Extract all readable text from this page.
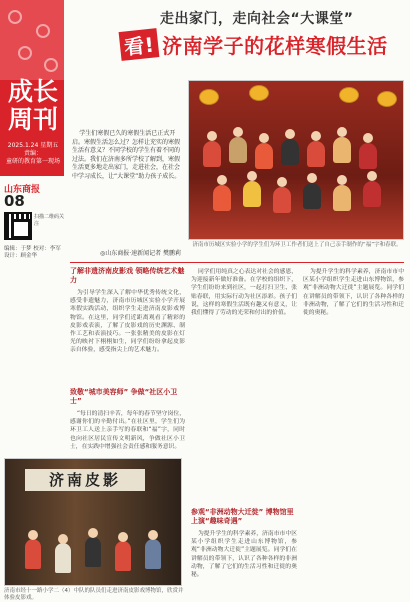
成长周刊
2025.1.24 星期五 责编：
童研的教育第一现场
山东商报
08
扫描二维码关注
编辑：于梦 校对：李军 设计：顾金华
走出家门，走向社会“大课堂”
看! 济南学子的花样寒假生活
学生们寒假已久的寒假生活已正式开启。寒假生活怎么过？怎样让充实的寒假生活有意义？不同学校的学生有着不同的过法。我们在济南多所学校了解到，寒假生活更多地走出家门，走进社会，在社会中学习成长，让“大课堂”助力孩子成长。
◎山东商报·速新闻记者 樊鹏莉
济南市历城区实验小学的学生们为环卫工作者们送上了自己亲手制作的“福”字和春联。
了解非遗济南皮影戏 领略传统艺术魅力
为引导学生深入了解中华优秀传统文化，感受非遗魅力，济南市历城区实验小学开展寒假实践活动，组织学生走进济南皮影戏博物馆。在这里，同学们近距离观看了精彩的皮影戏表演，了解了皮影戏的历史渊源、制作工艺和表演技巧。一张张精美的皮影在灯光的映衬下栩栩如生，同学们纷纷拿起皮影亲自体验，感受指尖上的艺术魅力。
致敬“城市美容师” 争做“社区小卫士”
“每日的清扫辛苦，每年的春节坚守岗位，感谢你们的辛勤付出。”在社区里，学生们为环卫工人送上亲手写的春联和“福”字，同时也向社区居民宣传文明新风，争做社区小卫士，在实践中增强社会责任感和服务意识。
同学们用纯真之心表达对社会的感恩，为迎接新年做好准备。在学校的组织下，学生们纷纷来到社区，一起打扫卫生、张贴春联，用实际行动为社区添彩。孩子们说，这样的寒假生活既有趣又有意义，让我们懂得了劳动的光荣和付出的价值。
参观“非洲动物大迁徙” 博物馆里上演“趣味奇遇”
为提升学生的科学素养，济南市市中区某小学组织学生走进山东博物馆，参观“非洲动物大迁徙”主题展览。同学们在讲解员的带领下，认识了各种各样的非洲动物，了解了它们的生活习性和迁徙的奥秘。
为提升学生的科学素养，济南市市中区某小学组织学生走进山东博物馆，参观“非洲动物大迁徙”主题展览。同学们在讲解员的带领下，认识了各种各样的非洲动物，了解了它们的生活习性和迁徙的奥秘。
济南皮影
济南市经十一路小学二（4）中队的队员们走进济南皮影戏博物馆，欣赏并体验皮影戏。
